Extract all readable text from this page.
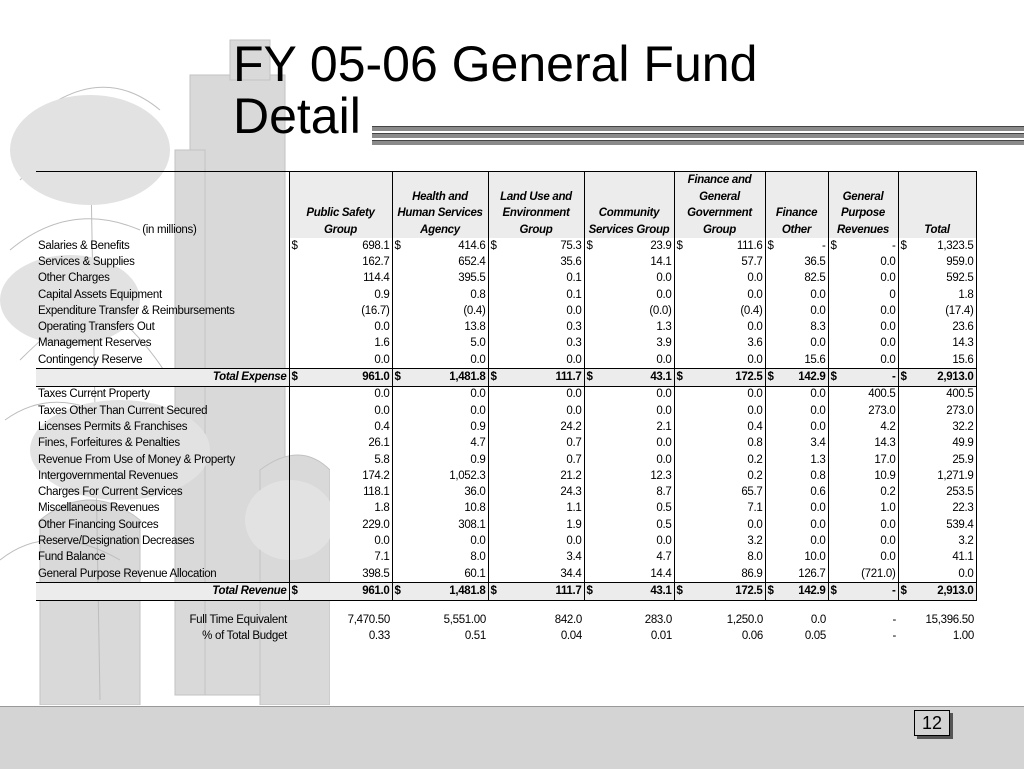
FY 05-06 General Fund Detail
(in millions)	Public Safety Group	Health and Human Services Agency	Land Use and Environment Group	Community Services Group	Finance and General Government Group	Finance Other	General Purpose Revenues	Total
Salaries & Benefits	$ 698.1	$ 414.6	$ 75.3	$ 23.9	$ 111.6	$ -	$ -	$ 1,323.5
Services & Supplies	162.7	652.4	35.6	14.1	57.7	36.5	0.0	959.0
Other Charges	114.4	395.5	0.1	0.0	0.0	82.5	0.0	592.5
Capital Assets Equipment	0.9	0.8	0.1	0.0	0.0	0.0	0	1.8
Expenditure Transfer & Reimbursements	(16.7)	(0.4)	0.0	(0.0)	(0.4)	0.0	0.0	(17.4)
Operating Transfers Out	0.0	13.8	0.3	1.3	0.0	8.3	0.0	23.6
Management Reserves	1.6	5.0	0.3	3.9	3.6	0.0	0.0	14.3
Contingency Reserve	0.0	0.0	0.0	0.0	0.0	15.6	0.0	15.6
Total Expense	$ 961.0	$ 1,481.8	$ 111.7	$ 43.1	$ 172.5	$ 142.9	$ -	$ 2,913.0
Taxes Current Property	0.0	0.0	0.0	0.0	0.0	0.0	400.5	400.5
Taxes Other Than Current Secured	0.0	0.0	0.0	0.0	0.0	0.0	273.0	273.0
Licenses Permits & Franchises	0.4	0.9	24.2	2.1	0.4	0.0	4.2	32.2
Fines, Forfeitures & Penalties	26.1	4.7	0.7	0.0	0.8	3.4	14.3	49.9
Revenue From Use of Money & Property	5.8	0.9	0.7	0.0	0.2	1.3	17.0	25.9
Intergovernmental Revenues	174.2	1,052.3	21.2	12.3	0.2	0.8	10.9	1,271.9
Charges For Current Services	118.1	36.0	24.3	8.7	65.7	0.6	0.2	253.5
Miscellaneous Revenues	1.8	10.8	1.1	0.5	7.1	0.0	1.0	22.3
Other Financing Sources	229.0	308.1	1.9	0.5	0.0	0.0	0.0	539.4
Reserve/Designation Decreases	0.0	0.0	0.0	0.0	3.2	0.0	0.0	3.2
Fund Balance	7.1	8.0	3.4	4.7	8.0	10.0	0.0	41.1
General Purpose Revenue Allocation	398.5	60.1	34.4	14.4	86.9	126.7	(721.0)	0.0
Total Revenue	$ 961.0	$ 1,481.8	$ 111.7	$ 43.1	$ 172.5	$ 142.9	$ -	$ 2,913.0

Full Time Equivalent	7,470.50	5,551.00	842.0	283.0	1,250.0	0.0	-	15,396.50
% of Total Budget	0.33	0.51	0.04	0.01	0.06	0.05	-	1.00
12
